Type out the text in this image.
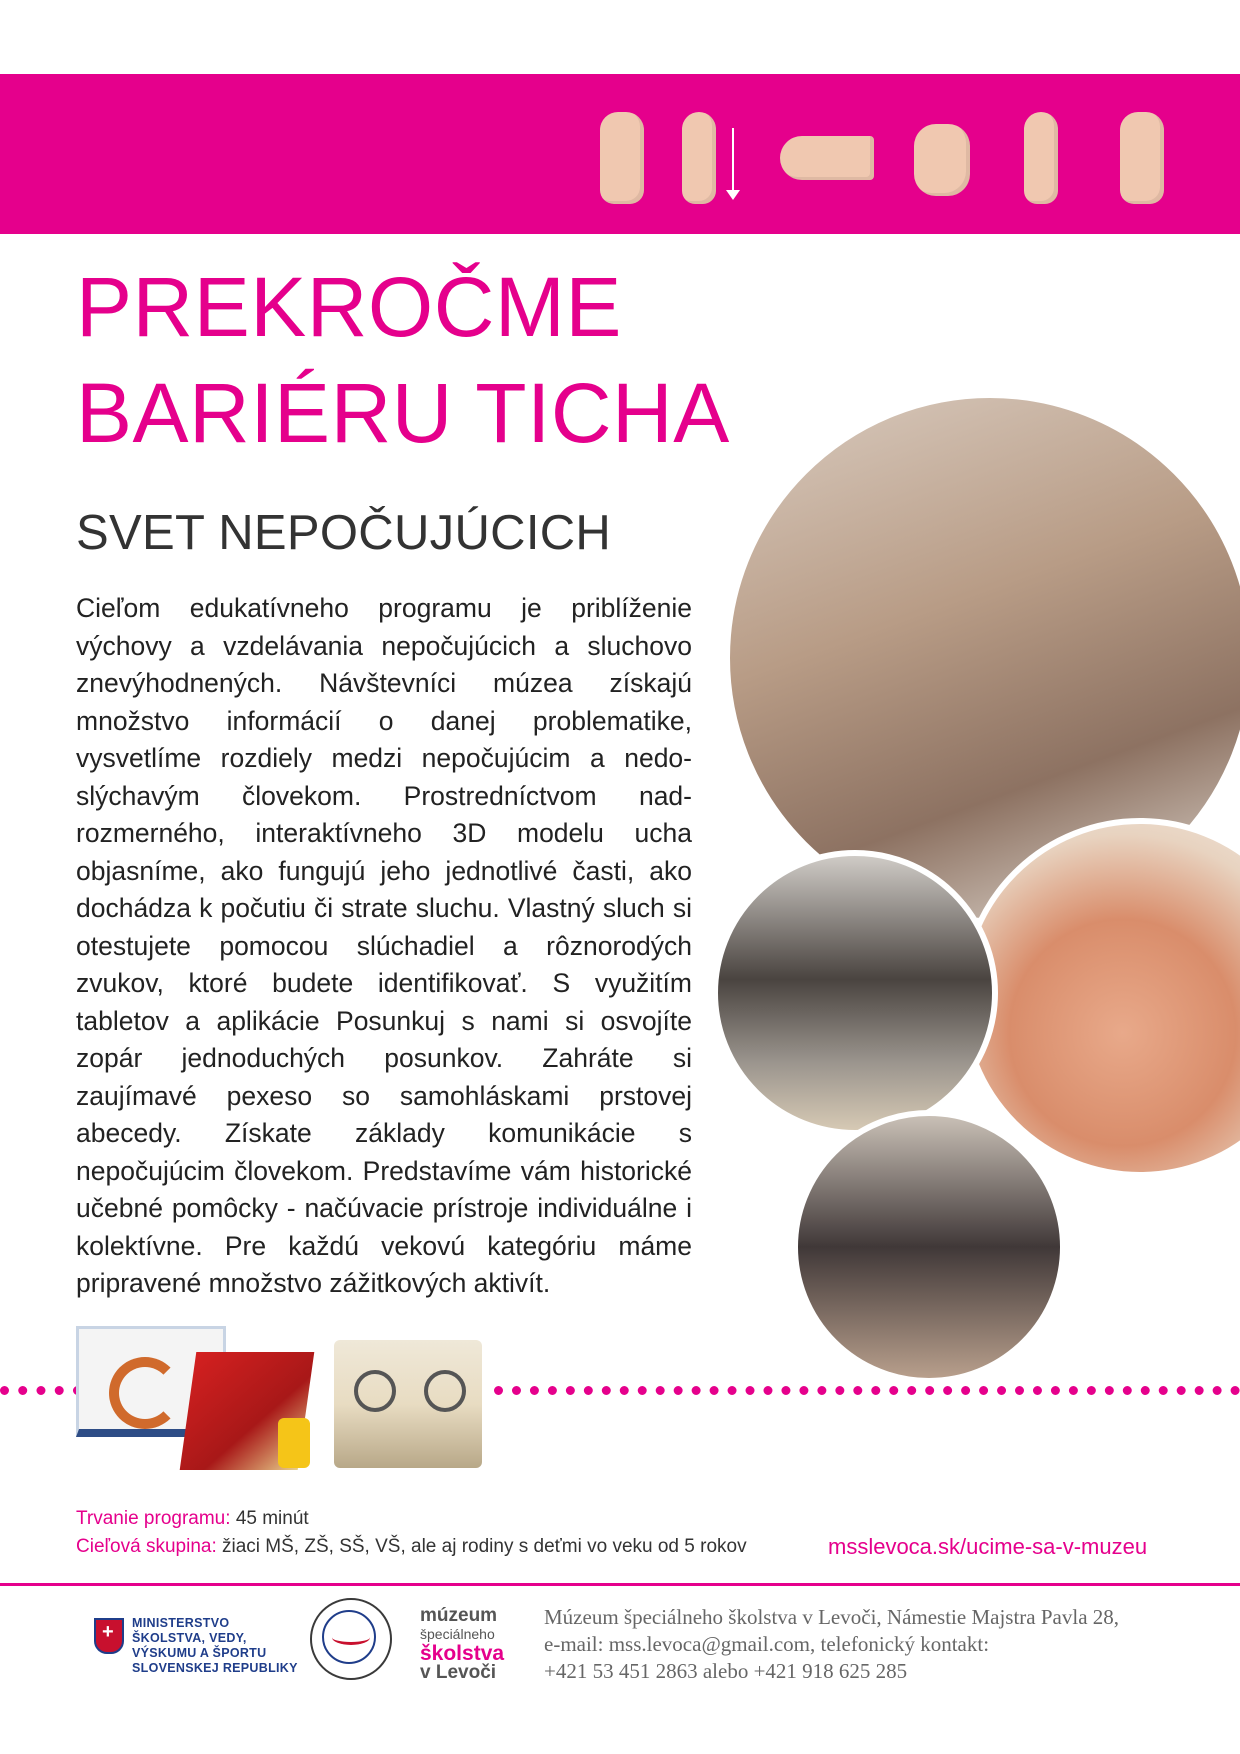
PREKROČME
BARIÉRU TICHA
SVET NEPOČUJÚCICH

Cieľom edukatívneho programu je priblíženie výchovy a vzdelávania nepočujúcich a sluchovo znevýhodnených. Návštevníci múzea získajú množstvo informácií o danej problematike, vysvetlíme rozdiely medzi nepočujúcim a nedo- slýchavým človekom. Prostredníctvom nad- rozmerného, interaktívneho 3D modelu ucha objasníme, ako fungujú jeho jednotlivé časti, ako dochádza k počutiu či strate sluchu. Vlastný sluch si otestujete pomocou slúchadiel a rôznorodých zvukov, ktoré budete identifikovať. S využitím tabletov a aplikácie Posunkuj s nami si osvojíte zopár jednoduchých posunkov. Zahráte si zaujímavé pexeso so samohláskami prstovej abecedy. Získate základy komunikácie s nepočujúcim človekom. Predstavíme vám historické učebné pomôcky - načúvacie prístroje individuálne i kolektívne. Pre každú vekovú kategóriu máme pripravené množstvo zážitkových aktivít.

Trvanie programu: 45 minút
Cieľová skupina: žiaci MŠ, ZŠ, SŠ, VŠ, ale aj rodiny s deťmi vo veku od 5 rokov	msslevoca.sk/ucime-sa-v-muzeu
+
MINISTERSTVO
ŠKOLSTVA, VEDY,
VÝSKUMU A ŠPORTU
SLOVENSKEJ REPUBLIKY
múzeum
špeciálneho
školstva
v Levoči
Múzeum špeciálneho školstva v Levoči, Námestie Majstra Pavla 28,
e-mail: mss.levoca@gmail.com, telefonický kontakt:
+421 53 451 2863 alebo +421 918 625 285
